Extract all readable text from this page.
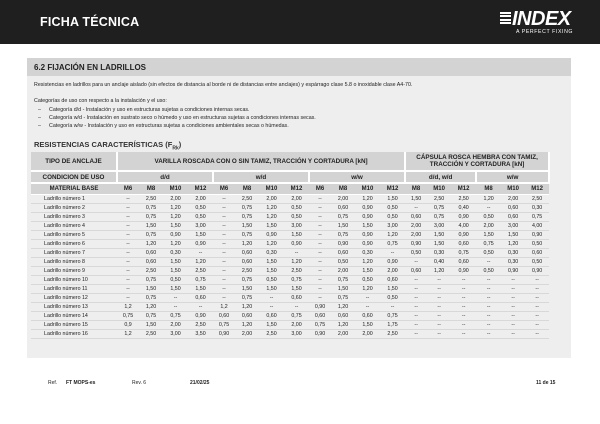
FICHA TÉCNICA	INDEX
A PERFECT FIXING
6.2 FIJACIÓN EN LADRILLOS
Resistencias en ladrillos para un anclaje aislado (sin efectos de distancia al borde ni de distancias entre anclajes) y espárrago clase 5.8 o inoxidable clase A4-70.
Categorías de uso con respecto a la instalación y el uso:
– Categoría d/d - Instalación y uso en estructuras sujetas a condiciones internas secas.
– Categoría w/d - Instalación en sustrato seco o húmedo y uso en estructuras sujetas a condiciones internas secas.
– Categoría w/w - Instalación y uso en estructuras sujetas a condiciones ambientales secas o húmedas.
RESISTENCIAS CARACTERÍSTICAS $(F_{Rk})$
TIPO DE ANCLAJE	VARILLA ROSCADA CON O SIN TAMIZ, TRACCIÓN Y CORTADURA [kN]												CÁPSULA ROSCA HEMBRA CON TAMIZ, TRACCIÓN Y CORTADURA [kN]					
CONDICION DE USO	d/d				w/d				w/w				d/d, w/d			w/w		
MATERIAL BASE	M6	M8	M10	M12	M6	M8	M10	M12	M6	M8	M10	M12	M8	M10	M12	M8	M10	M12
Ladrillo número 1	--	2,50	2,00	2,00	--	2,50	2,00	2,00	--	2,00	1,20	1,50	1,50	2,50	2,50	1,20	2,00	2,50
Ladrillo número 2	--	0,75	1,20	0,50	--	0,75	1,20	0,50	--	0,60	0,90	0,50	--	0,75	0,40	--	0,60	0,30
Ladrillo número 3	--	0,75	1,20	0,50	--	0,75	1,20	0,50	--	0,75	0,90	0,50	0,60	0,75	0,90	0,50	0,60	0,75
Ladrillo número 4	--	1,50	1,50	3,00	--	1,50	1,50	3,00	--	1,50	1,50	3,00	2,00	3,00	4,00	2,00	3,00	4,00
Ladrillo número 5	--	0,75	0,90	1,50	--	0,75	0,90	1,50	--	0,75	0,90	1,20	2,00	1,50	0,90	1,50	1,50	0,90
Ladrillo número 6	--	1,20	1,20	0,90	--	1,20	1,20	0,90	--	0,90	0,90	0,75	0,90	1,50	0,60	0,75	1,20	0,50
Ladrillo número 7	--	0,60	0,30	--	--	0,60	0,30	--	--	0,60	0,30	--	0,50	0,30	0,75	0,50	0,30	0,60
Ladrillo número 8	--	0,60	1,50	1,20	--	0,60	1,50	1,20	--	0,50	1,20	0,90	--	0,40	0,60	--	0,30	0,50
Ladrillo número 9	--	2,50	1,50	2,50	--	2,50	1,50	2,50	--	2,00	1,50	2,00	0,60	1,20	0,90	0,50	0,90	0,90
Ladrillo número 10	--	0,75	0,50	0,75	--	0,75	0,50	0,75	--	0,75	0,50	0,60	--	--	--	--	--	--
Ladrillo número 11	--	1,50	1,50	1,50	--	1,50	1,50	1,50	--	1,50	1,20	1,50	--	--	--	--	--	--
Ladrillo número 12	--	0,75	--	0,60	--	0,75	--	0,60	--	0,75	--	0,50	--	--	--	--	--	--
Ladrillo número 13	1,2	1,20	--	--	1,2	1,20	--	--	0,90	1,20	--	--	--	--	--	--	--	--
Ladrillo número 14	0,75	0,75	0,75	0,90	0,60	0,60	0,60	0,75	0,60	0,60	0,60	0,75	--	--	--	--	--	--
Ladrillo número 15	0,9	1,50	2,00	2,50	0,75	1,20	1,50	2,00	0,75	1,20	1,50	1,75	--	--	--	--	--	--
Ladrillo número 16	1,2	2,50	3,00	3,50	0,90	2,00	2,50	3,00	0,90	2,00	2,00	2,50	--	--	--	--	--	--
Ref. FT MOPS-es	Rev. 6	21/02/25	11 de 15
